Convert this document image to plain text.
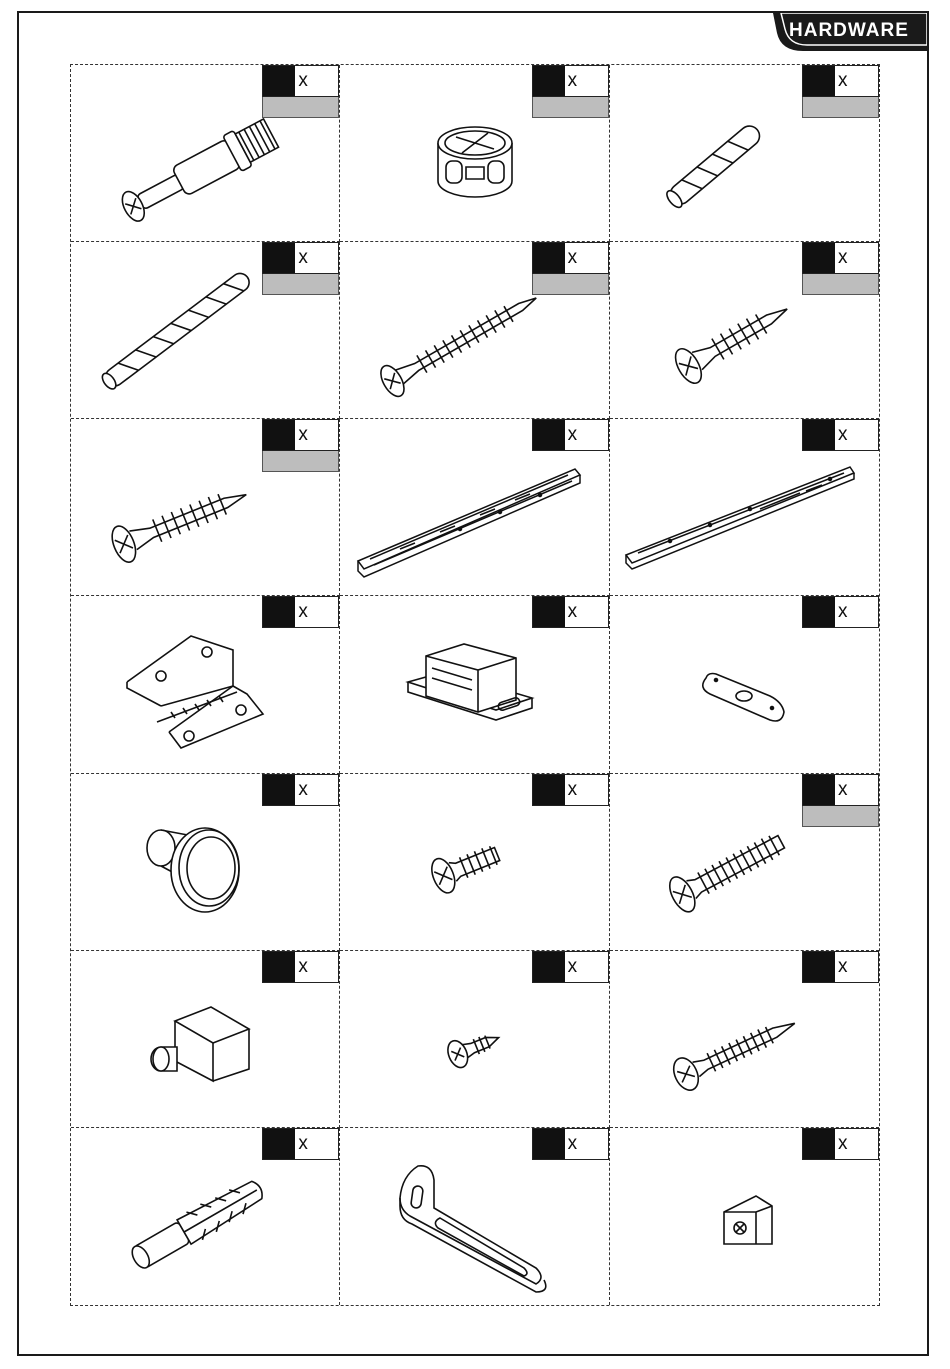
HARDWARE
x	x	x
x	x	x
x	x	x
x	x	x
x	x	x
x	x	x
x	x	x
